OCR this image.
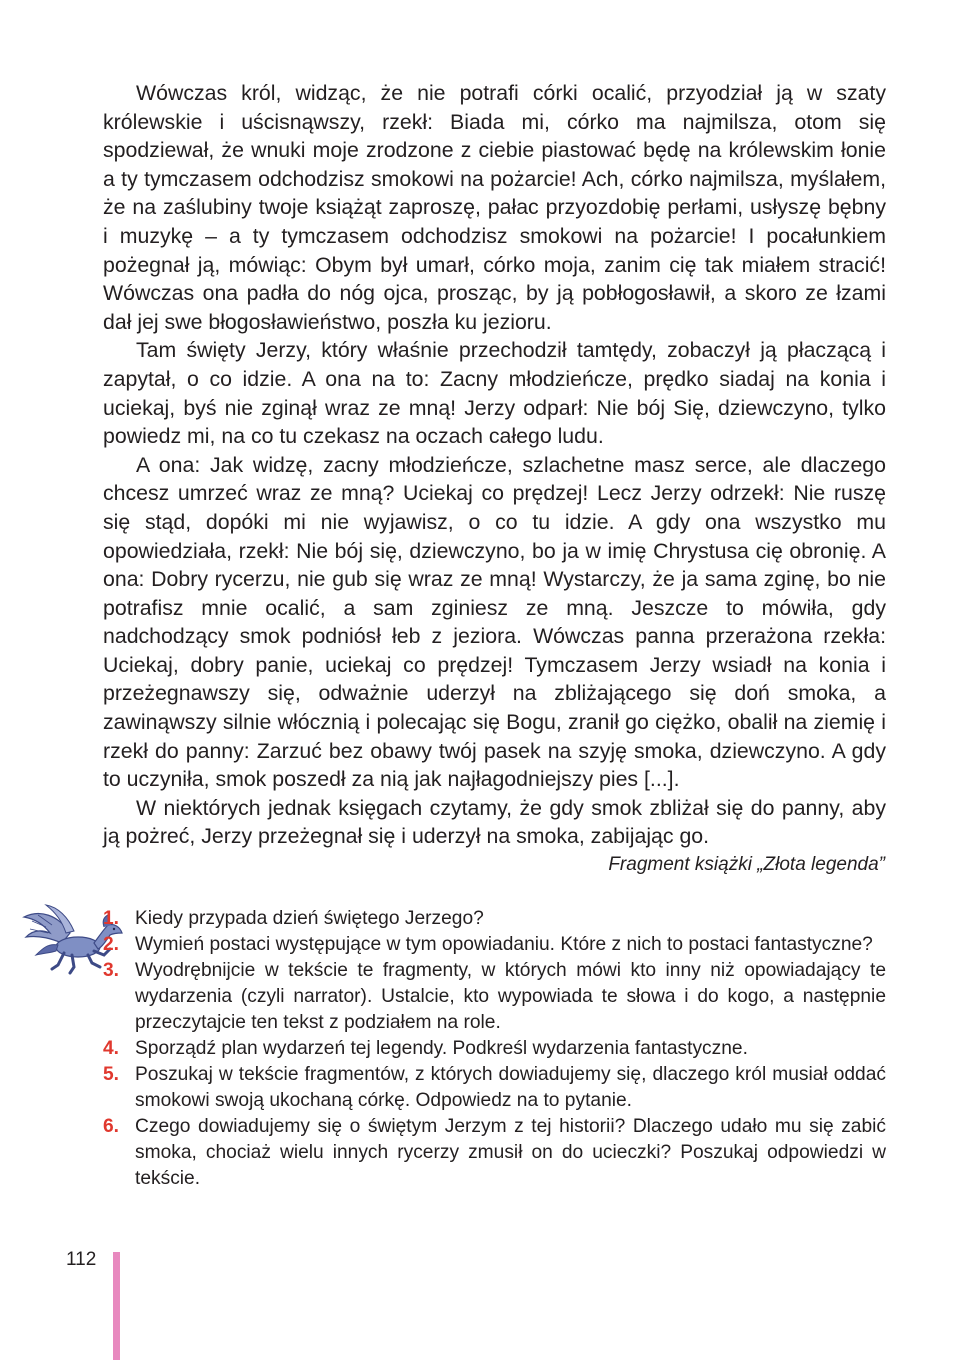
Wówczas król, widząc, że nie potrafi córki ocalić, przyodział ją w szaty królewskie i uścisnąwszy, rzekł: Biada mi, córko ma najmilsza, otom się spodziewał, że wnuki moje zrodzone z ciebie piastować będę na królewskim łonie a ty tymczasem odchodzisz smokowi na pożarcie! Ach, córko najmilsza, myślałem, że na zaślubiny twoje książąt zaproszę, pałac przyozdobię perłami, usłyszę bębny i muzykę – a ty tymczasem odchodzisz smokowi na pożarcie! I pocałunkiem pożegnał ją, mówiąc: Obym był umarł, córko moja, zanim cię tak miałem stracić! Wówczas ona padła do nóg ojca, prosząc, by ją pobłogosławił, a skoro ze łzami dał jej swe błogosławieństwo, poszła ku jezioru.

Tam święty Jerzy, który właśnie przechodził tamtędy, zobaczył ją płaczącą i zapytał, o co idzie. A ona na to: Zacny młodzieńcze, prędko siadaj na konia i uciekaj, byś nie zginął wraz ze mną! Jerzy odparł: Nie bój Się, dziewczyno, tylko powiedz mi, na co tu czekasz na oczach całego ludu.

A ona: Jak widzę, zacny młodzieńcze, szlachetne masz serce, ale dlaczego chcesz umrzeć wraz ze mną? Uciekaj co prędzej! Lecz Jerzy odrzekł: Nie ruszę się stąd, dopóki mi nie wyjawisz, o co tu idzie. A gdy ona wszystko mu opowiedziała, rzekł: Nie bój się, dziewczyno, bo ja w imię Chrystusa cię obronię. A ona: Dobry rycerzu, nie gub się wraz ze mną! Wystarczy, że ja sama zginę, bo nie potrafisz mnie ocalić, a sam zginiesz ze mną. Jeszcze to mówiła, gdy nadchodzący smok podniósł łeb z jeziora. Wówczas panna przerażona rzekła: Uciekaj, dobry panie, uciekaj co prędzej! Tymczasem Jerzy wsiadł na konia i przeżegnawszy się, odważnie uderzył na zbliżającego się doń smoka, a zawinąwszy silnie włócznią i polecając się Bogu, zranił go ciężko, obalił na ziemię i rzekł do panny: Zarzuć bez obawy twój pasek na szyję smoka, dziewczyno. A gdy to uczyniła, smok poszedł za nią jak najłagodniejszy pies [...].

W niektórych jednak księgach czytamy, że gdy smok zbliżał się do panny, aby ją pożreć, Jerzy przeżegnał się i uderzył na smoka, zabijając go.

Fragment książki „Złota legenda”

1. Kiedy przypada dzień świętego Jerzego?
2. Wymień postaci występujące w tym opowiadaniu. Które z nich to postaci fantastyczne?
3. Wyodrębnijcie w tekście te fragmenty, w których mówi kto inny niż opowiadający te wydarzenia (czyli narrator). Ustalcie, kto wypowiada te słowa i do kogo, a następnie przeczytajcie ten tekst z podziałem na role.
4. Sporządź plan wydarzeń tej legendy. Podkreśl wydarzenia fantastyczne.
5. Poszukaj w tekście fragmentów, z których dowiadujemy się, dlaczego król musiał oddać smokowi swoją ukochaną córkę. Odpowiedz na to pytanie.
6. Czego dowiadujemy się o świętym Jerzym z tej historii? Dlaczego udało mu się zabić smoka, chociaż wielu innych rycerzy zmusił on do ucieczki? Poszukaj odpowiedzi w tekście.
112
